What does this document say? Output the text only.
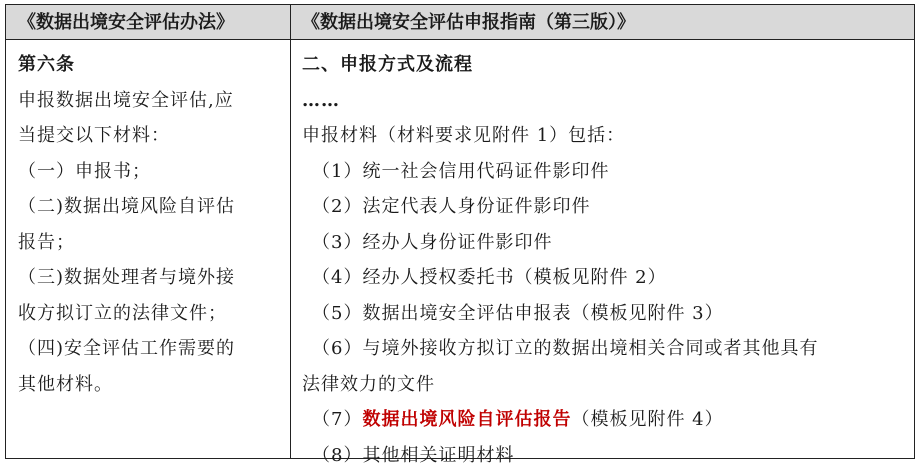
《数据出境安全评估办法》	《数据出境安全评估申报指南（第三版）》
第六条
申报数据出境安全评估,应
当提交以下材料：
（一）申报书；
（二)数据出境风险自评估
报告；
（三)数据处理者与境外接
收方拟订立的法律文件；
（四)安全评估工作需要的
其他材料。
二、申报方式及流程
……
申报材料（材料要求见附件 1）包括：
（1）统一社会信用代码证件影印件
（2）法定代表人身份证件影印件
（3）经办人身份证件影印件
（4）经办人授权委托书（模板见附件 2）
（5）数据出境安全评估申报表（模板见附件 3）
（6）与境外接收方拟订立的数据出境相关合同或者其他具有
法律效力的文件
（7）数据出境风险自评估报告（模板见附件 4）
（8）其他相关证明材料
